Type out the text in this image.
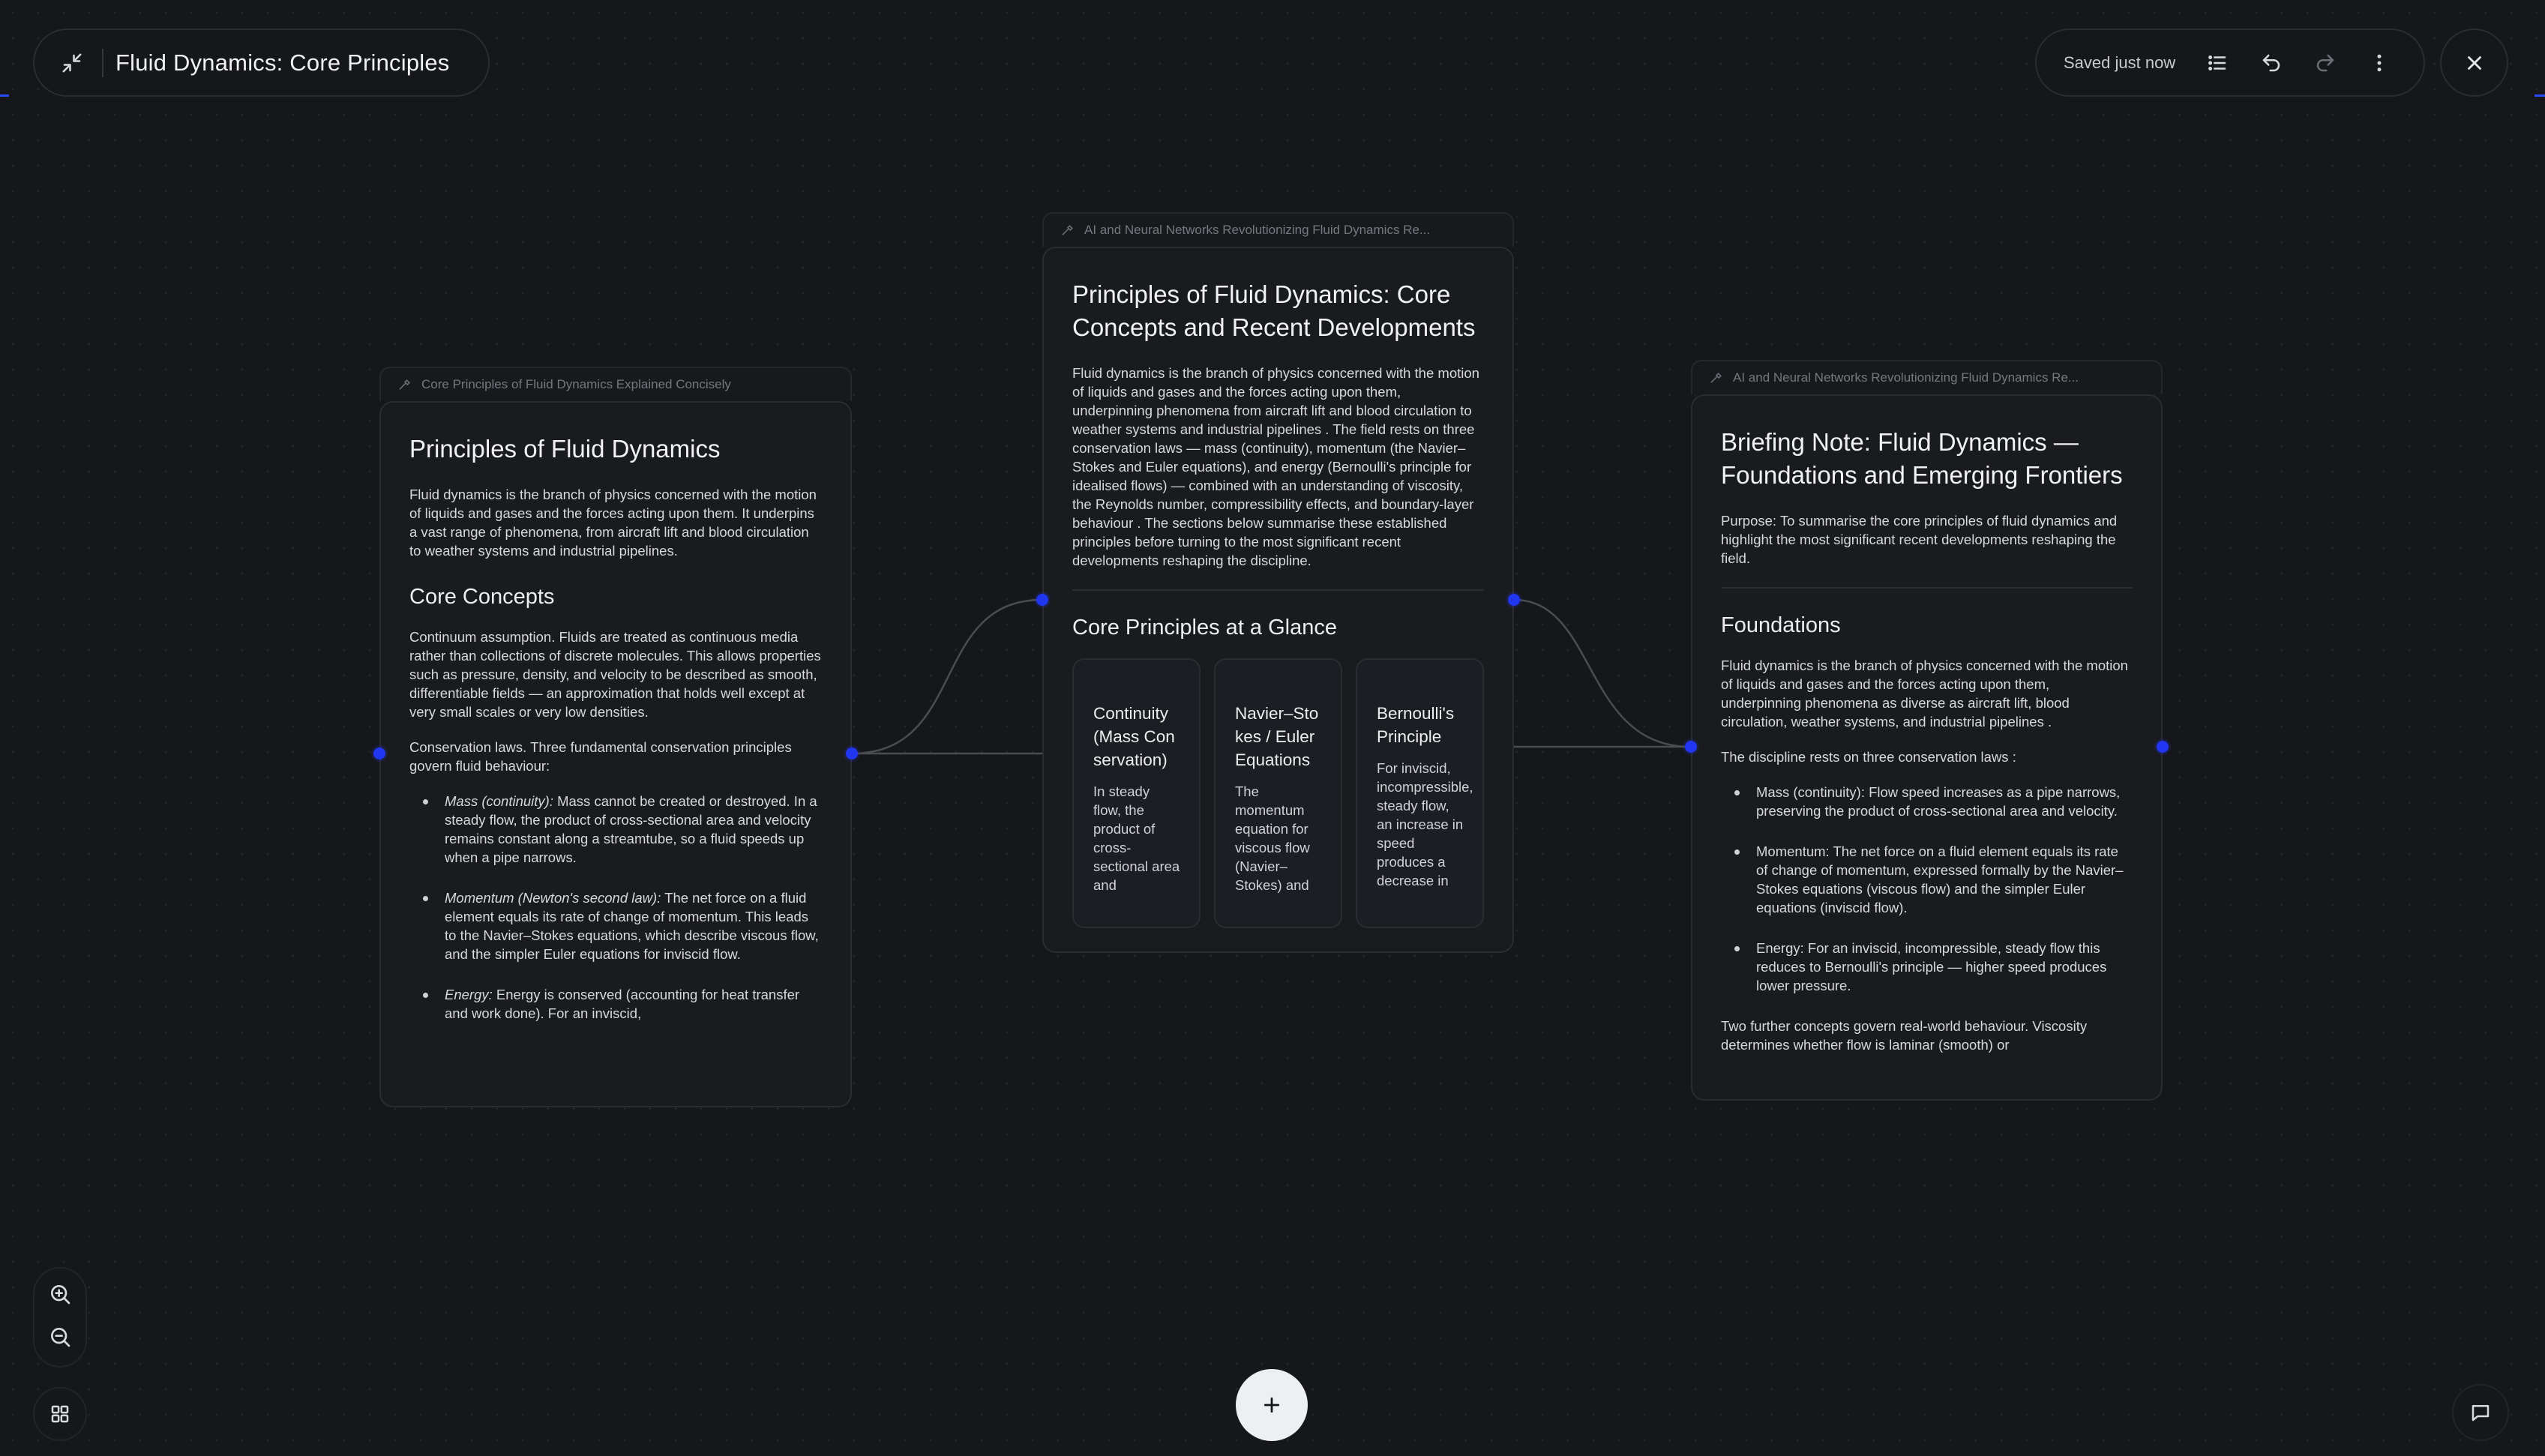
Fluid Dynamics: Core Principles	Saved just now
Core Principles of Fluid Dynamics Explained Concisely
Principles of Fluid Dynamics

Fluid dynamics is the branch of physics concerned with the motion of liquids and gases and the forces acting upon them. It underpins a vast range of phenomena, from aircraft lift and blood circulation to weather systems and industrial pipelines.

Core Concepts

Continuum assumption. Fluids are treated as continuous media rather than collections of discrete molecules. This allows properties such as pressure, density, and velocity to be described as smooth, differentiable fields — an approximation that holds well except at very small scales or very low densities.

Conservation laws. Three fundamental conservation principles govern fluid behaviour:

Mass (continuity): Mass cannot be created or destroyed. In a steady flow, the product of cross-sectional area and velocity remains constant along a streamtube, so a fluid speeds up when a pipe narrows.
Momentum (Newton's second law): The net force on a fluid element equals its rate of change of momentum. This leads to the Navier–Stokes equations, which describe viscous flow, and the simpler Euler equations for inviscid flow.
Energy: Energy is conserved (accounting for heat transfer and work done). For an inviscid,
AI and Neural Networks Revolutionizing Fluid Dynamics Re...
Principles of Fluid Dynamics: Core Concepts and Recent Developments

Fluid dynamics is the branch of physics concerned with the motion of liquids and gases and the forces acting upon them, underpinning phenomena from aircraft lift and blood circulation to weather systems and industrial pipelines . The field rests on three conservation laws — mass (continuity), momentum (the Navier–Stokes and Euler equations), and energy (Bernoulli's principle for idealised flows) — combined with an understanding of viscosity, the Reynolds number, compressibility effects, and boundary-layer behaviour . The sections below summarise these established principles before turning to the most significant recent developments reshaping the discipline.

Core Principles at a Glance
Continuity (Mass Conservation)
In steady flow, the product of cross-sectional area and
Navier–Stokes / Euler Equations
The momentum equation for viscous flow (Navier–Stokes) and
Bernoulli's Principle
For inviscid, incompressible, steady flow, an increase in speed produces a decrease in
AI and Neural Networks Revolutionizing Fluid Dynamics Re...
Briefing Note: Fluid Dynamics — Foundations and Emerging Frontiers

Purpose: To summarise the core principles of fluid dynamics and highlight the most significant recent developments reshaping the field.

Foundations

Fluid dynamics is the branch of physics concerned with the motion of liquids and gases and the forces acting upon them, underpinning phenomena as diverse as aircraft lift, blood circulation, weather systems, and industrial pipelines .

The discipline rests on three conservation laws :

Mass (continuity): Flow speed increases as a pipe narrows, preserving the product of cross-sectional area and velocity.
Momentum: The net force on a fluid element equals its rate of change of momentum, expressed formally by the Navier–Stokes equations (viscous flow) and the simpler Euler equations (inviscid flow).
Energy: For an inviscid, incompressible, steady flow this reduces to Bernoulli's principle — higher speed produces lower pressure.

Two further concepts govern real-world behaviour. Viscosity determines whether flow is laminar (smooth) or
